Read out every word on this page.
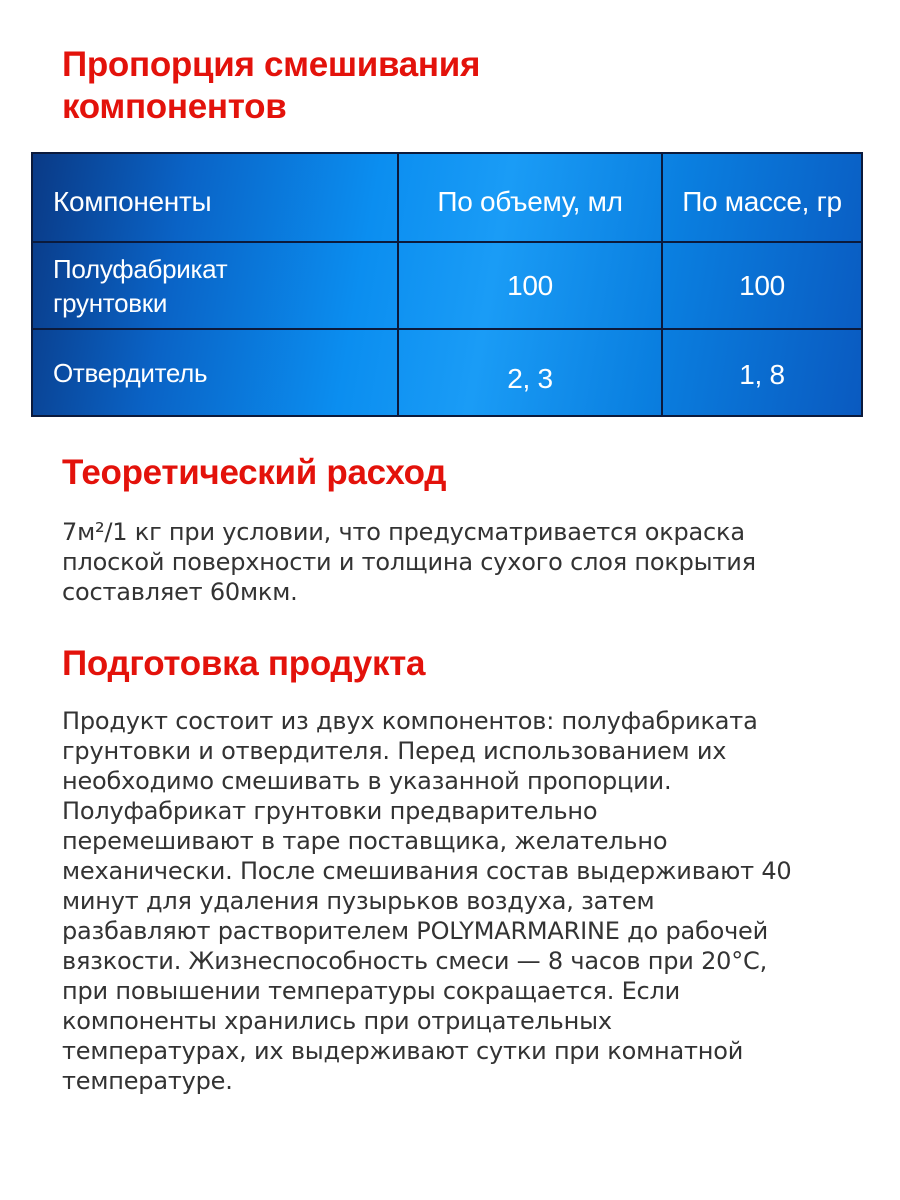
Пропорция смешивания компонентов
Компоненты	По объему, мл	По массе, гр
Полуфабрикат
грунтовки	100	100
Отвердитель	2, 3	1, 8
Теоретический расход

7м²/1 кг при условии, что предусматривается окраска
плоской поверхности и толщина сухого слоя покрытия
составляет 60мкм.

Подготовка продукта

Продукт состоит из двух компонентов: полуфабриката
грунтовки и отвердителя. Перед использованием их
необходимо смешивать в указанной пропорции.
Полуфабрикат грунтовки предварительно
перемешивают в таре поставщика, желательно
механически. После смешивания состав выдерживают 40
минут для удаления пузырьков воздуха, затем
разбавляют растворителем POLYMARMARINE до рабочей
вязкости. Жизнеспособность смеси — 8 часов при 20°C,
при повышении температуры сокращается. Если
компоненты хранились при отрицательных
температурах, их выдерживают сутки при комнатной
температуре.
